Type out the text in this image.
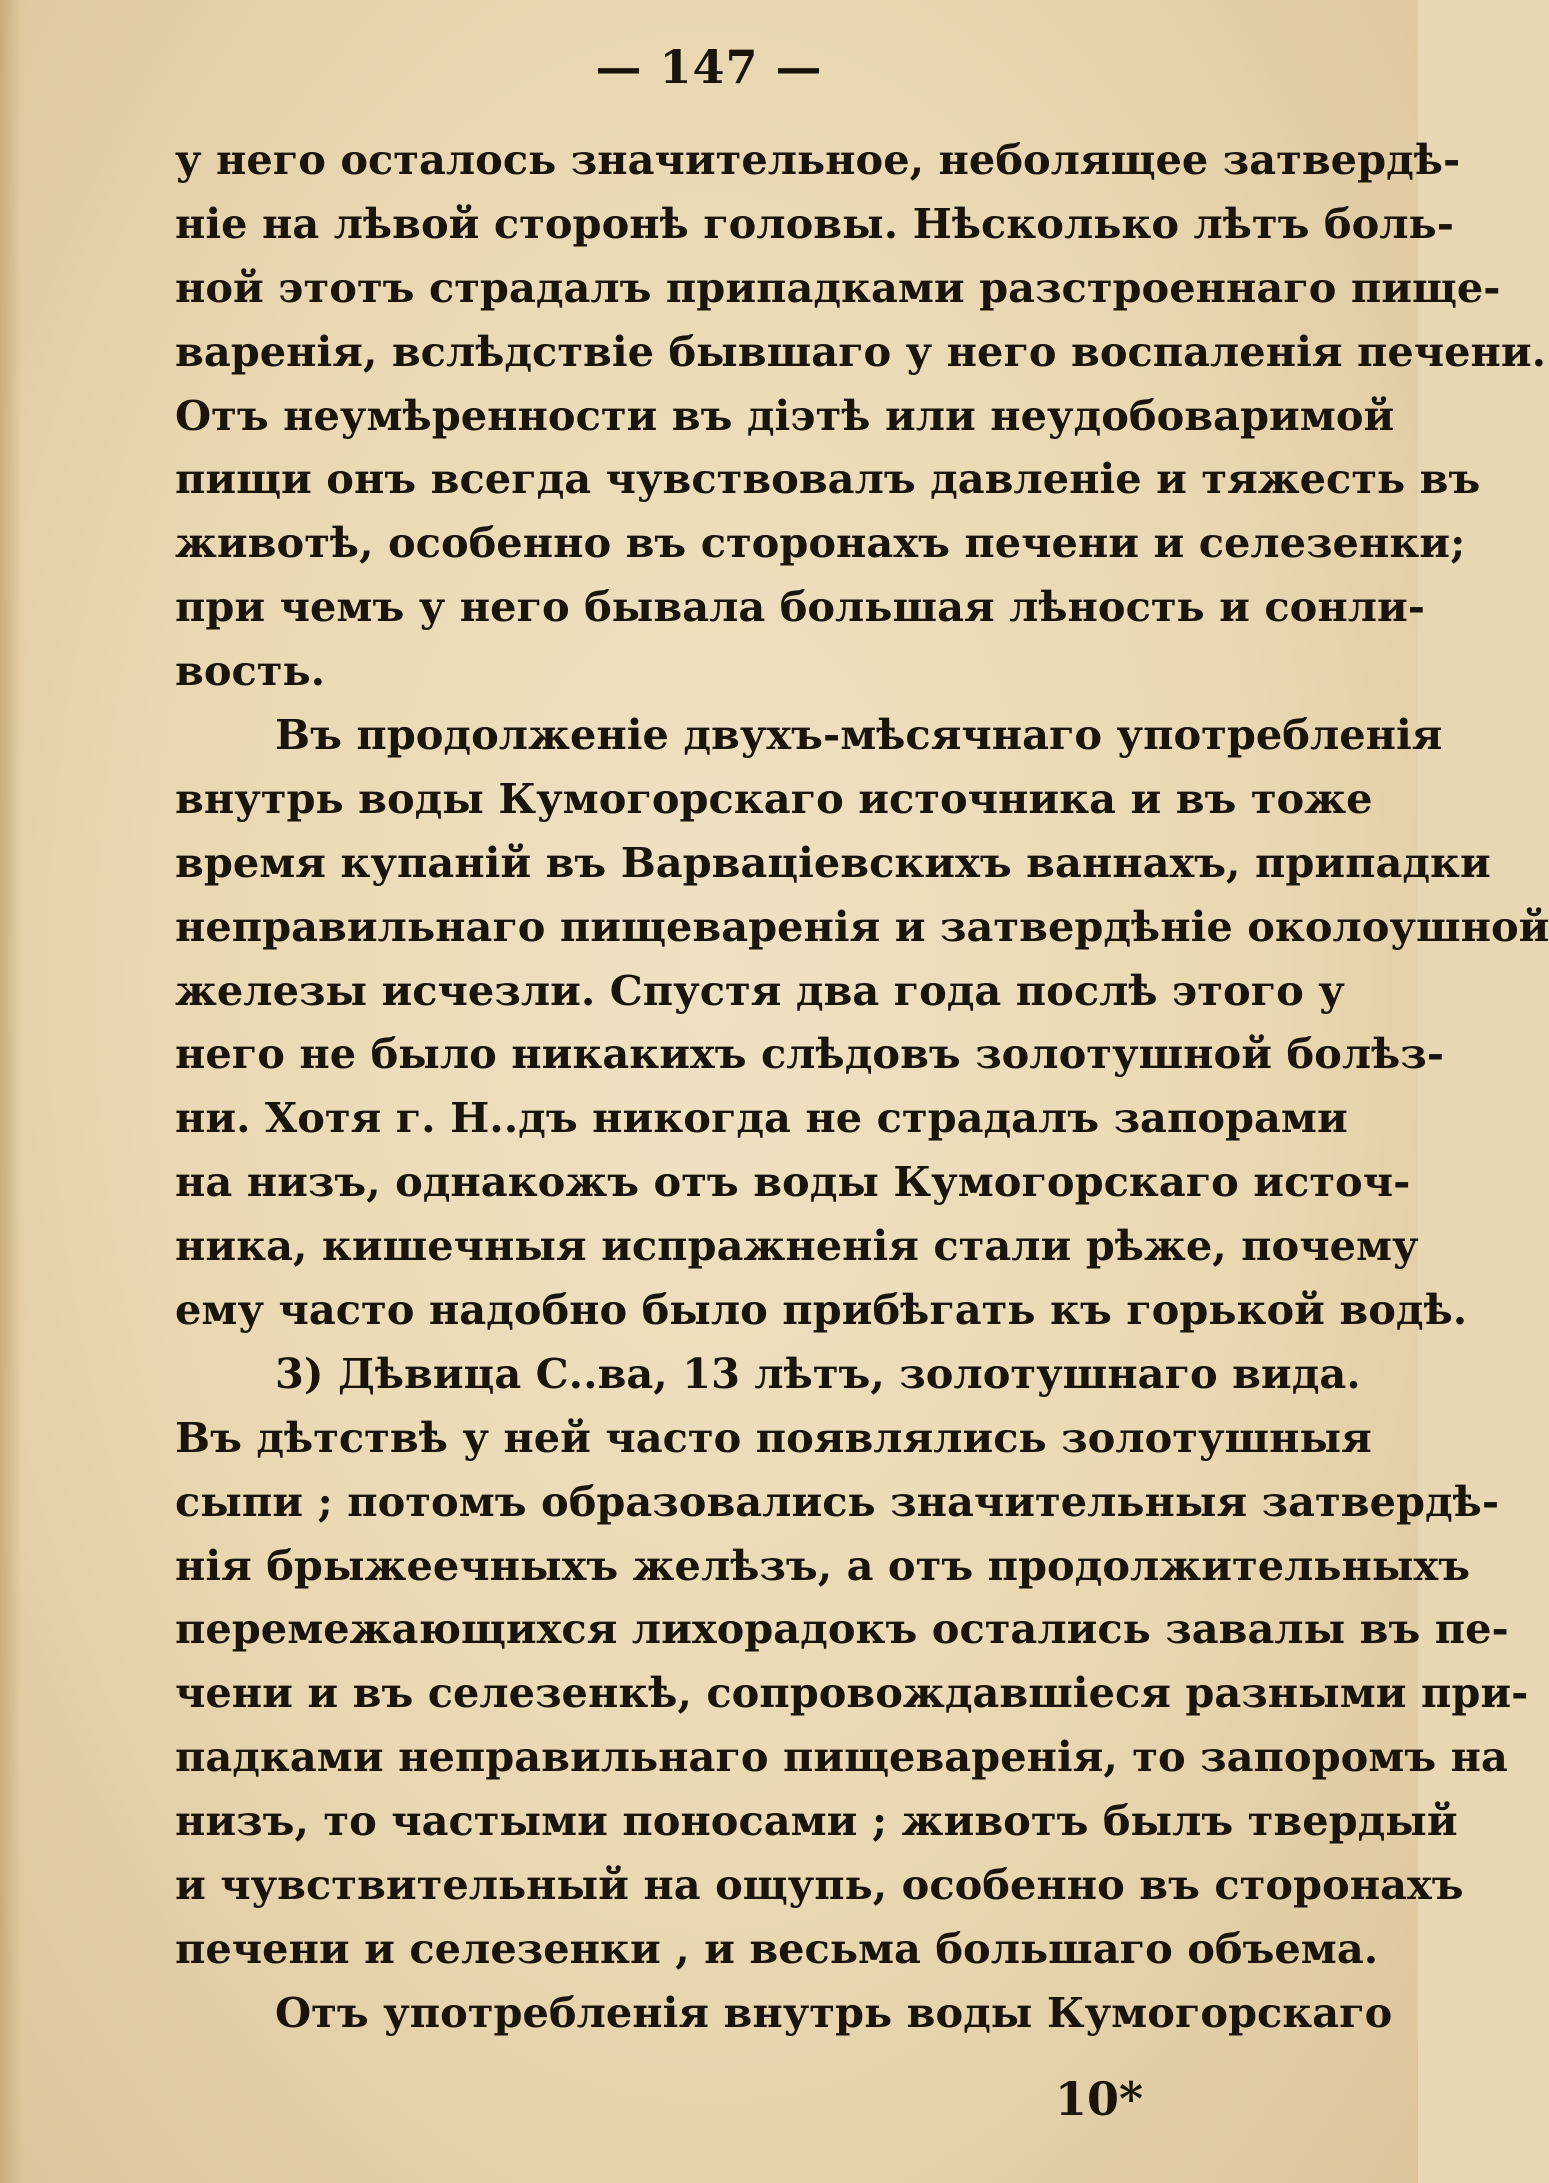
— 147 —
у него осталось значительное, неболящее затвердѣ-
ніе на лѣвой сторонѣ головы. Нѣсколько лѣтъ боль-
ной этотъ страдалъ припадками разстроеннаго пище-
варенія, вслѣдствіе бывшаго у него воспаленія печени.
Отъ неумѣренности въ діэтѣ или неудобоваримой
пищи онъ всегда чувствовалъ давленіе и тяжесть въ
животѣ, особенно въ сторонахъ печени и селезенки;
при чемъ у него бывала большая лѣность и сонли-
вость.
Въ продолженіе двухъ-мѣсячнаго употребленія
внутрь воды Кумогорскаго источника и въ тоже
время купаній въ Варваціевскихъ ваннахъ, припадки
неправильнаго пищеваренія и затвердѣніе околоушной
железы исчезли. Спустя два года послѣ этого у
него не было никакихъ слѣдовъ золотушной болѣз-
ни. Хотя г. Н..дъ никогда не страдалъ запорами
на низъ, однакожъ отъ воды Кумогорскаго источ-
ника, кишечныя испражненія стали рѣже, почему
ему часто надобно было прибѣгать къ горькой водѣ.
3) Дѣвица С..ва, 13 лѣтъ, золотушнаго вида.
Въ дѣтствѣ у ней часто появлялись золотушныя
сыпи ; потомъ образовались значительныя затвердѣ-
нія брыжеечныхъ желѣзъ, а отъ продолжительныхъ
перемежающихся лихорадокъ остались завалы въ пе-
чени и въ селезенкѣ, сопровождавшіеся разными при-
падками неправильнаго пищеваренія, то запоромъ на
низъ, то частыми поносами ; животъ былъ твердый
и чувствительный на ощупь, особенно въ сторонахъ
печени и селезенки , и весьма большаго объема.
Отъ употребленія внутрь воды Кумогорскаго
10*
